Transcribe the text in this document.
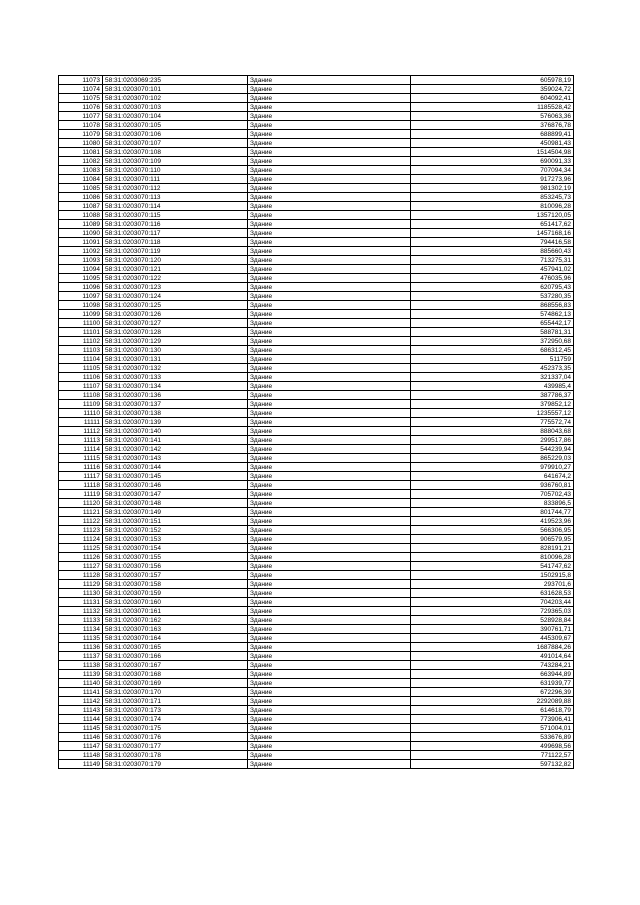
11073	58:31:0203069:235	Здание	605978,19
11074	58:31:0203070:101	Здание	359024,72
11075	58:31:0203070:102	Здание	604092,41
11076	58:31:0203070:103	Здание	1185528,42
11077	58:31:0203070:104	Здание	576063,36
11078	58:31:0203070:105	Здание	376876,78
11079	58:31:0203070:106	Здание	688899,41
11080	58:31:0203070:107	Здание	450981,43
11081	58:31:0203070:108	Здание	1514504,98
11082	58:31:0203070:109	Здание	690091,33
11083	58:31:0203070:110	Здание	707094,34
11084	58:31:0203070:111	Здание	917273,96
11085	58:31:0203070:112	Здание	981302,19
11086	58:31:0203070:113	Здание	853245,73
11087	58:31:0203070:114	Здание	810096,28
11088	58:31:0203070:115	Здание	1357120,05
11089	58:31:0203070:116	Здание	651417,62
11090	58:31:0203070:117	Здание	1457168,16
11091	58:31:0203070:118	Здание	794416,58
11092	58:31:0203070:119	Здание	885660,43
11093	58:31:0203070:120	Здание	713275,31
11094	58:31:0203070:121	Здание	457941,02
11095	58:31:0203070:122	Здание	476035,96
11096	58:31:0203070:123	Здание	620795,43
11097	58:31:0203070:124	Здание	537280,35
11098	58:31:0203070:125	Здание	868556,83
11099	58:31:0203070:126	Здание	574862,13
11100	58:31:0203070:127	Здание	655442,17
11101	58:31:0203070:128	Здание	588781,31
11102	58:31:0203070:129	Здание	372950,68
11103	58:31:0203070:130	Здание	686312,45
11104	58:31:0203070:131	Здание	511759
11105	58:31:0203070:132	Здание	452373,35
11106	58:31:0203070:133	Здание	321337,04
11107	58:31:0203070:134	Здание	439985,4
11108	58:31:0203070:136	Здание	387786,37
11109	58:31:0203070:137	Здание	379852,12
11110	58:31:0203070:138	Здание	1235557,12
11111	58:31:0203070:139	Здание	775572,74
11112	58:31:0203070:140	Здание	888043,68
11113	58:31:0203070:141	Здание	299517,86
11114	58:31:0203070:142	Здание	544239,94
11115	58:31:0203070:143	Здание	865229,03
11116	58:31:0203070:144	Здание	979910,27
11117	58:31:0203070:145	Здание	641674,2
11118	58:31:0203070:146	Здание	936760,81
11119	58:31:0203070:147	Здание	705702,43
11120	58:31:0203070:148	Здание	833896,5
11121	58:31:0203070:149	Здание	801744,77
11122	58:31:0203070:151	Здание	419523,96
11123	58:31:0203070:152	Здание	566306,95
11124	58:31:0203070:153	Здание	906579,95
11125	58:31:0203070:154	Здание	828191,21
11126	58:31:0203070:155	Здание	810096,28
11127	58:31:0203070:156	Здание	541747,62
11128	58:31:0203070:157	Здание	1502915,8
11129	58:31:0203070:158	Здание	293701,6
11130	58:31:0203070:159	Здание	631628,53
11131	58:31:0203070:160	Здание	704203,44
11132	58:31:0203070:161	Здание	729365,03
11133	58:31:0203070:162	Здание	528928,84
11134	58:31:0203070:163	Здание	390761,71
11135	58:31:0203070:164	Здание	445309,67
11136	58:31:0203070:165	Здание	1687884,26
11137	58:31:0203070:166	Здание	491014,64
11138	58:31:0203070:167	Здание	743284,21
11139	58:31:0203070:168	Здание	663944,89
11140	58:31:0203070:169	Здание	631939,77
11141	58:31:0203070:170	Здание	672296,39
11142	58:31:0203070:171	Здание	2292089,88
11143	58:31:0203070:173	Здание	614618,79
11144	58:31:0203070:174	Здание	773906,41
11145	58:31:0203070:175	Здание	571004,01
11146	58:31:0203070:176	Здание	533676,89
11147	58:31:0203070:177	Здание	499698,56
11148	58:31:0203070:178	Здание	771122,57
11149	58:31:0203070:179	Здание	597132,82
